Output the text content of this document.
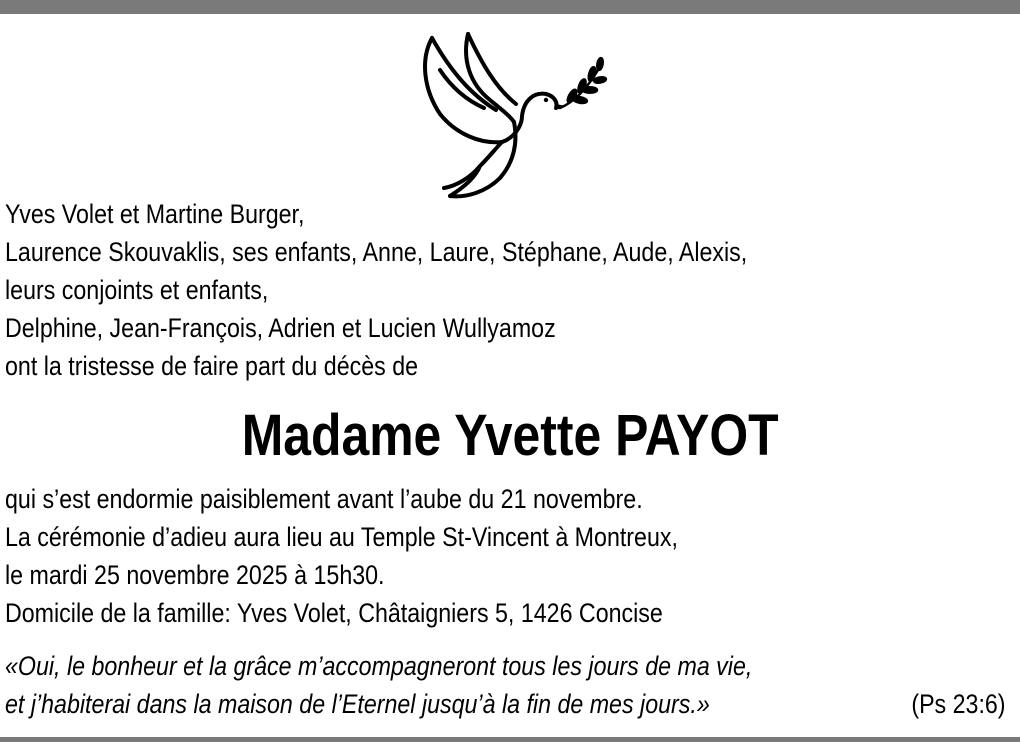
Yves Volet et Martine Burger,
Laurence Skouvaklis, ses enfants, Anne, Laure, Stéphane, Aude, Alexis,
leurs conjoints et enfants,
Delphine, Jean-François, Adrien et Lucien Wullyamoz
ont la tristesse de faire part du décès de
Madame Yvette PAYOT
qui s’est endormie paisiblement avant l’aube du 21 novembre.
La cérémonie d’adieu aura lieu au Temple St-Vincent à Montreux,
le mardi 25 novembre 2025 à 15h30.
Domicile de la famille: Yves Volet, Châtaigniers 5, 1426 Concise
«Oui, le bonheur et la grâce m’accompagneront tous les jours de ma vie,
et j’habiterai dans la maison de l’Eternel jusqu’à la fin de mes jours.»	(Ps 23:6)
